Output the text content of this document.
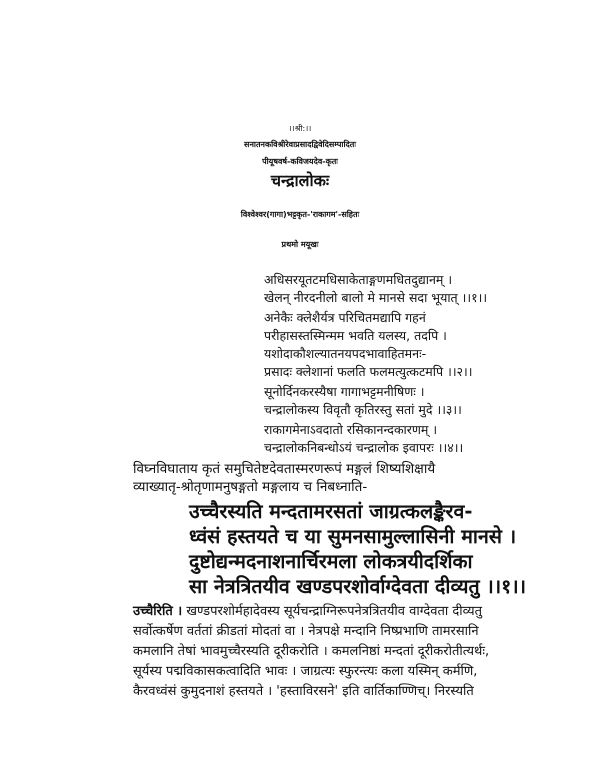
।।श्री:।।
सनातनकविश्रीरेवाप्रसादद्विवेदिसम्पादितः
पीयूषवर्ष-कविजयदेव-कृतः
चन्द्रालोकः
विश्वेश्वर(गागा)भट्टकृत-'राकागम'-सहितः
प्रथमो मयूखः
अधिसरयूतटमधिसाकेताङ्गणमधितदुद्यानम् ।
खेलन् नीरदनीलो बालो मे मानसे सदा भूयात् ।।१।।
अनेकैः क्लेशैर्यत्र परिचितमद्यापि गहनं
परीहासस्तस्मिन्मम भवति यलस्य, तदपि ।
यशोदाकौशल्यातनयपदभावाहितमनः-
प्रसादः क्लेशानां फलति फलमत्युत्कटमपि ।।२।।
सूनोर्दिनकरस्यैषा गागाभट्टमनीषिणः ।
चन्द्रालोकस्य विवृतौ कृतिरस्तु सतां मुदे ।।३।।
राकागमेनाऽवदातो रसिकानन्दकारणम् ।
चन्द्रालोकनिबन्धोऽयं चन्द्रालोक इवापरः ।।४।।
विघ्नविघाताय कृतं समुचितेष्टदेवतास्मरणरूपं मङ्गलं शिष्यशिक्षायै
व्याख्यातृ-श्रोतृणामनुषङ्गतो मङ्गलाय च निबध्नाति-
उच्चैरस्यति मन्दतामरसतां जाग्रत्कलङ्कैरव-
ध्वंसं हस्तयते च या सुमनसामुल्लासिनी मानसे ।
दुष्टोद्यन्मदनाशनार्चिरमला लोकत्रयीदर्शिका
सा नेत्रत्रितयीव खण्डपरशोर्वाग्देवता दीव्यतु ।।१।।
उच्चैरिति । खण्डपरशोर्महादेवस्य सूर्यचन्द्राग्निरूपनेत्रत्रितयीव वाग्देवता दीव्यतु
सर्वोत्कर्षेण वर्ततां क्रीडतां मोदतां वा । नेत्रपक्षे मन्दानि निष्प्रभाणि तामरसानि
कमलानि तेषां भावमुच्चैरस्यति दूरीकरोति । कमलनिष्ठां मन्दतां दूरीकरोतीत्यर्थः,
सूर्यस्य पद्मविकासकत्वादिति भावः । जाग्रत्यः स्फुरन्त्यः कला यस्मिन् कर्मणि,
कैरवध्वंसं कुमुदनाशं हस्तयते । 'हस्ताविरसने' इति वार्तिकाण्णिच्। निरस्यति
